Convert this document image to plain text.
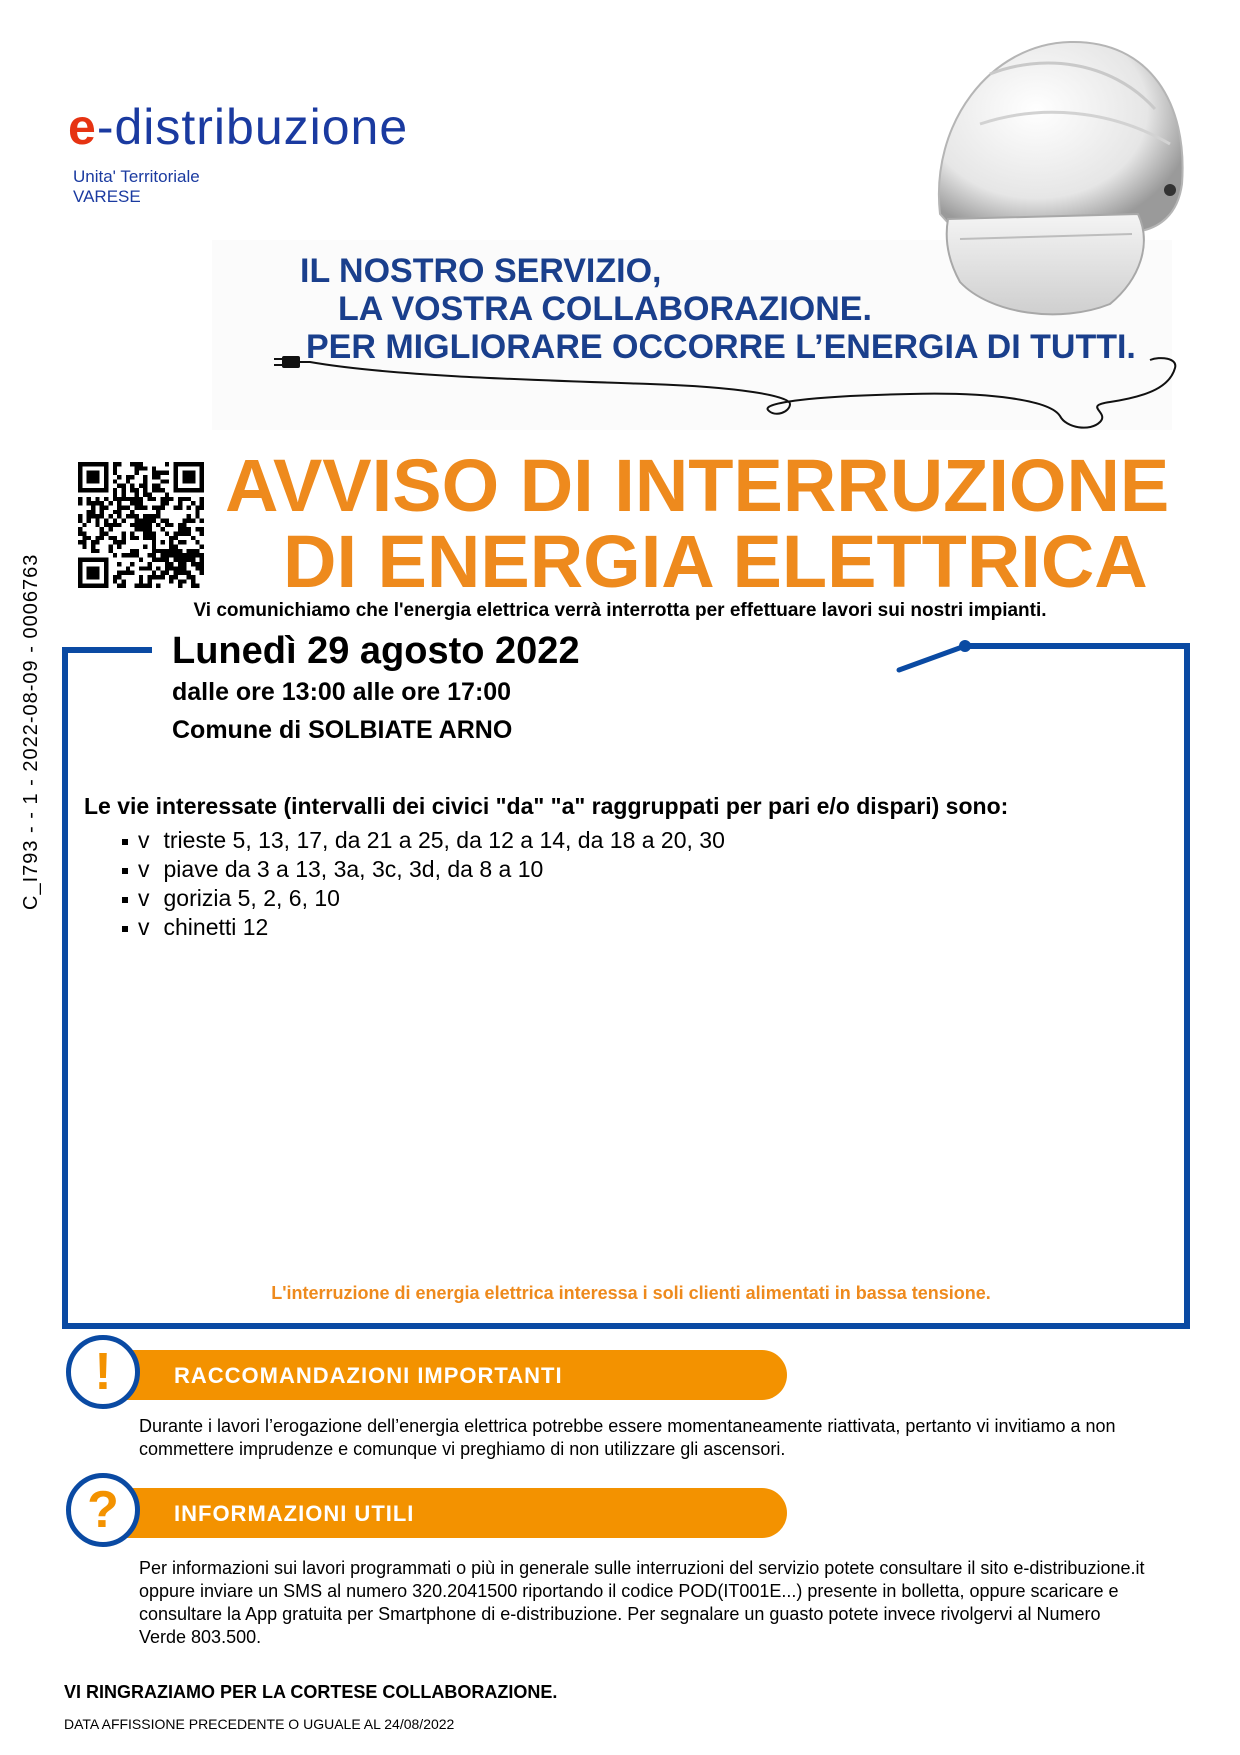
e-distribuzione
Unita' Territoriale
VARESE
IL NOSTRO SERVIZIO,
LA VOSTRA COLLABORAZIONE.
PER MIGLIORARE OCCORRE L’ENERGIA DI TUTTI.
C_I793 - - 1 - 2022-08-09 - 0006763
AVVISO DI INTERRUZIONE
DI ENERGIA ELETTRICA
Vi comunichiamo che l'energia elettrica verrà interrotta per effettuare lavori sui nostri impianti.
Lunedì 29 agosto 2022
dalle ore 13:00 alle ore 17:00
Comune di SOLBIATE ARNO
Le vie interessate (intervalli dei civici "da" "a" raggruppati per pari e/o dispari) sono:
v trieste 5, 13, 17, da 21 a 25, da 12 a 14, da 18 a 20, 30
v piave da 3 a 13, 3a, 3c, 3d, da 8 a 10
v gorizia 5, 2, 6, 10
v chinetti 12
L'interruzione di energia elettrica interessa i soli clienti alimentati in bassa tensione.
RACCOMANDAZIONI IMPORTANTI
!
Durante i lavori l’erogazione dell’energia elettrica potrebbe essere momentaneamente riattivata, pertanto vi invitiamo a non commettere imprudenze e comunque vi preghiamo di non utilizzare gli ascensori.
INFORMAZIONI UTILI
?
Per informazioni sui lavori programmati o più in generale sulle interruzioni del servizio potete consultare il sito e-distribuzione.it oppure inviare un SMS al numero 320.2041500 riportando il codice POD(IT001E...) presente in bolletta, oppure scaricare e consultare la App gratuita per Smartphone di e-distribuzione. Per segnalare un guasto potete invece rivolgervi al Numero Verde 803.500.
VI RINGRAZIAMO PER LA CORTESE COLLABORAZIONE.
DATA AFFISSIONE PRECEDENTE O UGUALE AL 24/08/2022
